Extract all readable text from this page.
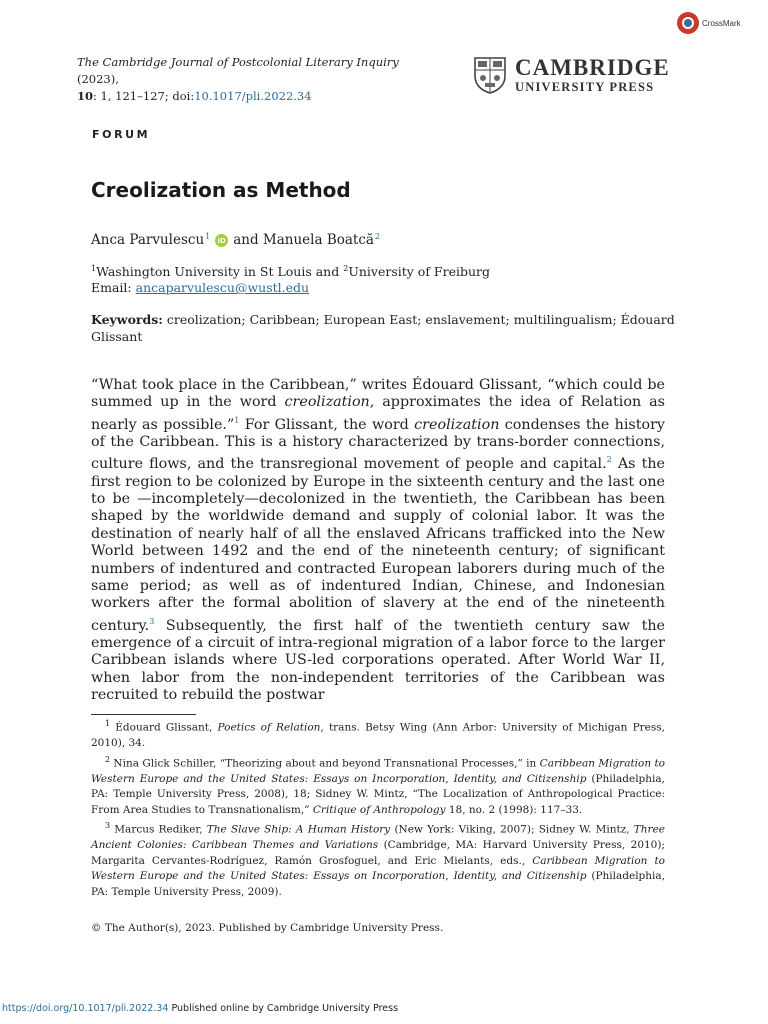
CrossMark
The Cambridge Journal of Postcolonial Literary Inquiry (2023),
10: 1, 121–127; doi:10.1017/pli.2022.34
CAMBRIDGE
UNIVERSITY PRESS
FORUM
Creolization as Method
Anca Parvulescu$^1$	iD and Manuela Boatcă$^2$
$^1$Washington University in St Louis and $^2$University of Freiburg
Email: ancaparvulescu@wustl.edu
Keywords: creolization; Caribbean; European East; enslavement; multilingualism; Édouard Glissant

“What took place in the Caribbean,” writes Édouard Glissant, “which could be summed up in the word creolization, approximates the idea of Relation as nearly as possible.”$^1$ For Glissant, the word creolization condenses the history of the Caribbean. This is a history characterized by trans-border connections, culture flows, and the transregional movement of people and capital.$^2$ As the first region to be colonized by Europe in the sixteenth century and the last one to be —incompletely—decolonized in the twentieth, the Caribbean has been shaped by the worldwide demand and supply of colonial labor. It was the destination of nearly half of all the enslaved Africans trafficked into the New World between 1492 and the end of the nineteenth century; of significant numbers of indentured and contracted European laborers during much of the same period; as well as of indentured Indian, Chinese, and Indonesian workers after the formal abolition of slavery at the end of the nineteenth century.$^3$ Subsequently, the first half of the twentieth century saw the emergence of a circuit of intra-regional migration of a labor force to the larger Caribbean islands where US-led corporations operated. After World War II, when labor from the non-independent territories of the Caribbean was recruited to rebuild the postwar

$^1$ Édouard Glissant, Poetics of Relation, trans. Betsy Wing (Ann Arbor: University of Michigan Press, 2010), 34.

$^2$ Nina Glick Schiller, “Theorizing about and beyond Transnational Processes,” in Caribbean Migration to Western Europe and the United States: Essays on Incorporation, Identity, and Citizenship (Philadelphia, PA: Temple University Press, 2008), 18; Sidney W. Mintz, “The Localization of Anthropological Practice: From Area Studies to Transnationalism,” Critique of Anthropology 18, no. 2 (1998): 117–33.

$^3$ Marcus Rediker, The Slave Ship: A Human History (New York: Viking, 2007); Sidney W. Mintz, Three Ancient Colonies: Caribbean Themes and Variations (Cambridge, MA: Harvard University Press, 2010); Margarita Cervantes-Rodríguez, Ramón Grosfoguel, and Eric Mielants, eds., Caribbean Migration to Western Europe and the United States: Essays on Incorporation, Identity, and Citizenship (Philadelphia, PA: Temple University Press, 2009).

© The Author(s), 2023. Published by Cambridge University Press.
https://doi.org/10.1017/pli.2022.34 Published online by Cambridge University Press
